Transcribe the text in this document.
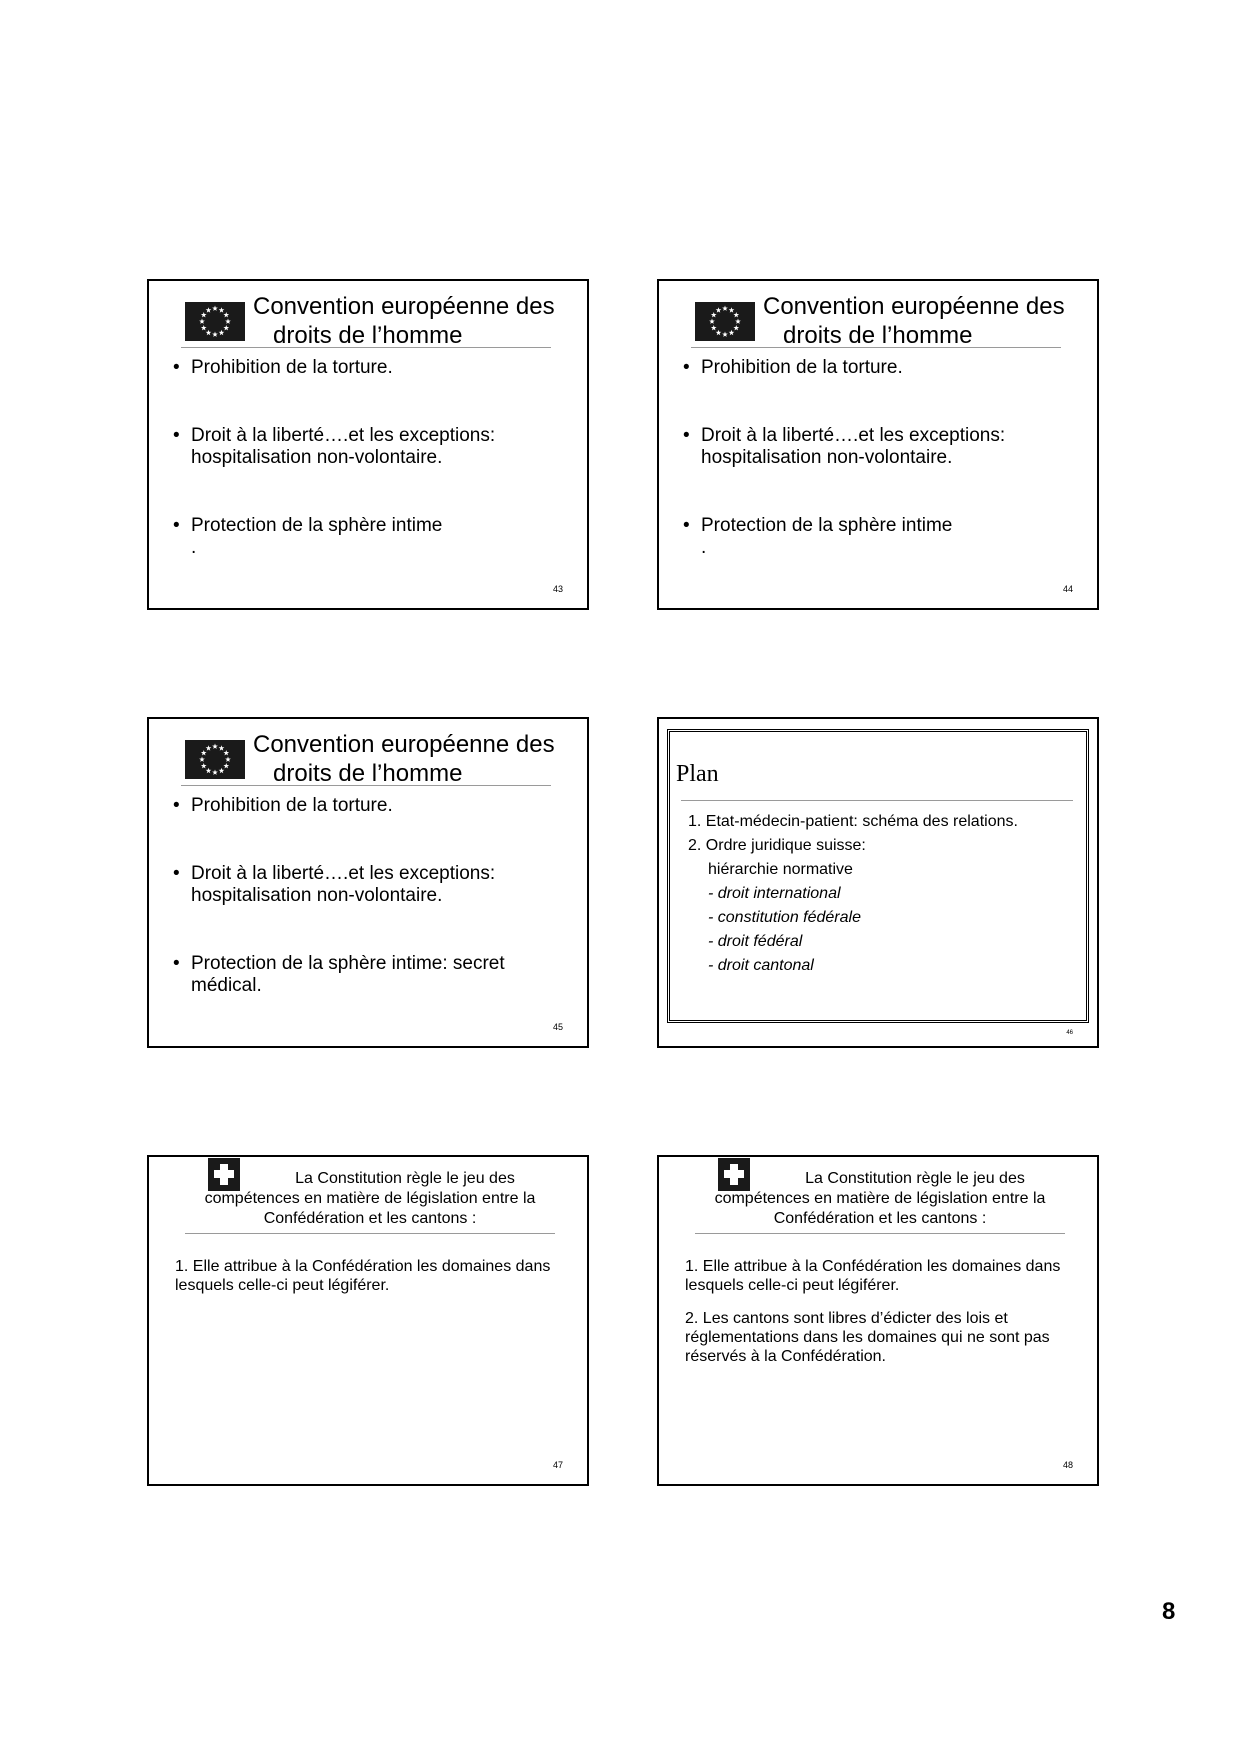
Convention européenne des
droits de l’homme
• Prohibition de la torture.
• Droit à la liberté….et les exceptions: hospitalisation non-volontaire.
• Protection de la sphère intime
.
43
Convention européenne des
droits de l’homme
• Prohibition de la torture.
• Droit à la liberté….et les exceptions: hospitalisation non-volontaire.
• Protection de la sphère intime
.
44
Convention européenne des
droits de l’homme
• Prohibition de la torture.
• Droit à la liberté….et les exceptions: hospitalisation non-volontaire.
• Protection de la sphère intime: secret médical.
45
Plan
1. Etat-médecin-patient: schéma des relations.
2. Ordre juridique suisse:
hiérarchie normative
- droit international
- constitution fédérale
- droit fédéral
- droit cantonal
46
La Constitution règle le jeu des
compétences en matière de législation entre la
Confédération et les cantons :

1. Elle attribue à la Confédération les domaines dans lesquels celle-ci peut légiférer.

47
La Constitution règle le jeu des
compétences en matière de législation entre la
Confédération et les cantons :

1. Elle attribue à la Confédération les domaines dans lesquels celle-ci peut légiférer.

2. Les cantons sont libres d’édicter des lois et réglementations dans les domaines qui ne sont pas réservés à la Confédération.

48
8
